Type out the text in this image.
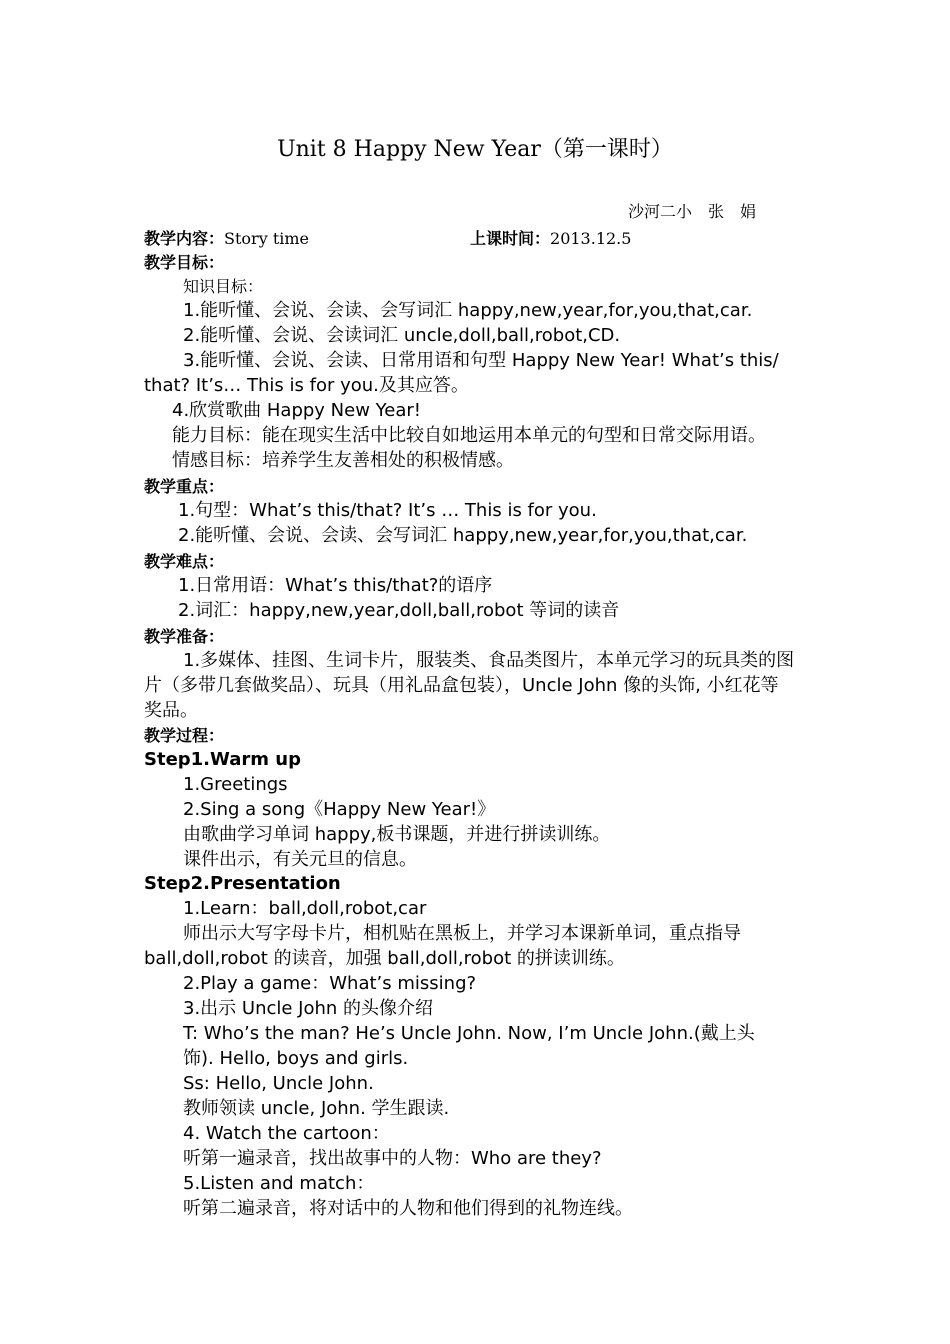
Unit 8 Happy New Year（第一课时）
沙河二小　张　娟
教学内容：Story time	上课时间：2013.12.5
教学目标：
知识目标：
1.能听懂、会说、会读、会写词汇 happy,new,year,for,you,that,car.
2.能听懂、会说、会读词汇 uncle,doll,ball,robot,CD.
3.能听懂、会说、会读、日常用语和句型 Happy New Year! What’s this/
that? It’s… This is for you.及其应答。
4.欣赏歌曲 Happy New Year!
能力目标：能在现实生活中比较自如地运用本单元的句型和日常交际用语。
情感目标：培养学生友善相处的积极情感。
教学重点：
1.句型：What’s this/that? It’s … This is for you.
2.能听懂、会说、会读、会写词汇 happy,new,year,for,you,that,car.
教学难点：
1.日常用语：What’s this/that?的语序
2.词汇：happy,new,year,doll,ball,robot 等词的读音
教学准备：
1.多媒体、挂图、生词卡片，服装类、食品类图片，本单元学习的玩具类的图
片（多带几套做奖品）、玩具（用礼品盒包装），Uncle John 像的头饰, 小红花等
奖品。
教学过程：
Step1.Warm up
1.Greetings
2.Sing a song《Happy New Year!》
由歌曲学习单词 happy,板书课题，并进行拼读训练。
课件出示，有关元旦的信息。
Step2.Presentation
1.Learn：ball,doll,robot,car
师出示大写字母卡片，相机贴在黑板上，并学习本课新单词，重点指导
ball,doll,robot 的读音，加强 ball,doll,robot 的拼读训练。
2.Play a game：What’s missing?
3.出示 Uncle John 的头像介绍
T: Who’s the man? He’s Uncle John. Now, I’m Uncle John.(戴上头
饰). Hello, boys and girls.
Ss: Hello, Uncle John.
教师领读 uncle, John. 学生跟读.
4. Watch the cartoon：
听第一遍录音，找出故事中的人物：Who are they?
5.Listen and match：
听第二遍录音，将对话中的人物和他们得到的礼物连线。
